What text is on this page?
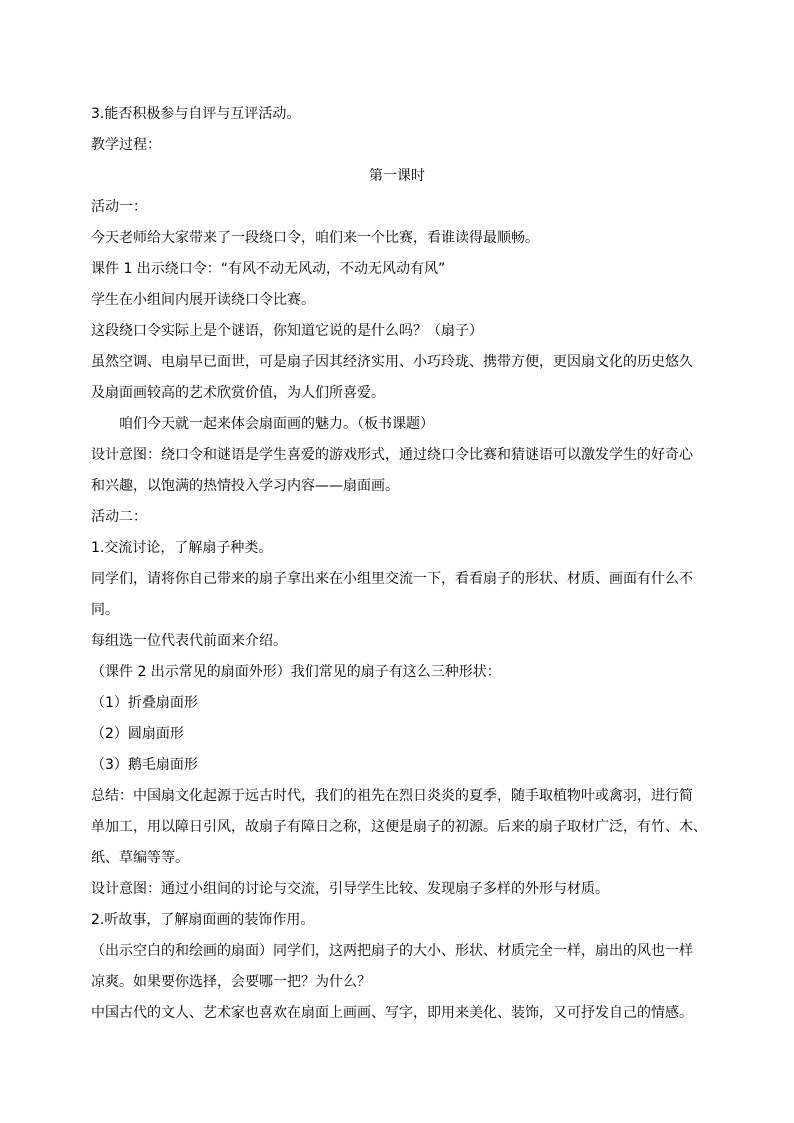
3.能否积极参与自评与互评活动。
教学过程：
第一课时
活动一：
今天老师给大家带来了一段绕口令，咱们来一个比赛，看谁读得最顺畅。
课件 1 出示绕口令：“有风不动无风动，不动无风动有风”
学生在小组间内展开读绕口令比赛。
这段绕口令实际上是个谜语，你知道它说的是什么吗？（扇子）
虽然空调、电扇早已面世，可是扇子因其经济实用、小巧玲珑、携带方便，更因扇文化的历史悠久
及扇面画较高的艺术欣赏价值，为人们所喜爱。
咱们今天就一起来体会扇面画的魅力。（板书课题）
设计意图：绕口令和谜语是学生喜爱的游戏形式，通过绕口令比赛和猜谜语可以激发学生的好奇心
和兴趣，以饱满的热情投入学习内容——扇面画。
活动二：
1.交流讨论，了解扇子种类。
同学们，请将你自己带来的扇子拿出来在小组里交流一下，看看扇子的形状、材质、画面有什么不
同。
每组选一位代表代前面来介绍。
（课件 2 出示常见的扇面外形）我们常见的扇子有这么三种形状：
（1）折叠扇面形
（2）圆扇面形
（3）鹅毛扇面形
总结：中国扇文化起源于远古时代，我们的祖先在烈日炎炎的夏季，随手取植物叶或禽羽，进行简
单加工，用以障日引风，故扇子有障日之称，这便是扇子的初源。后来的扇子取材广泛，有竹、木、
纸、草编等等。
设计意图：通过小组间的讨论与交流，引导学生比较、发现扇子多样的外形与材质。
2.听故事，了解扇面画的装饰作用。
（出示空白的和绘画的扇面）同学们，这两把扇子的大小、形状、材质完全一样，扇出的风也一样
凉爽。如果要你选择，会要哪一把？为什么？
中国古代的文人、艺术家也喜欢在扇面上画画、写字，即用来美化、装饰，又可抒发自己的情感。
